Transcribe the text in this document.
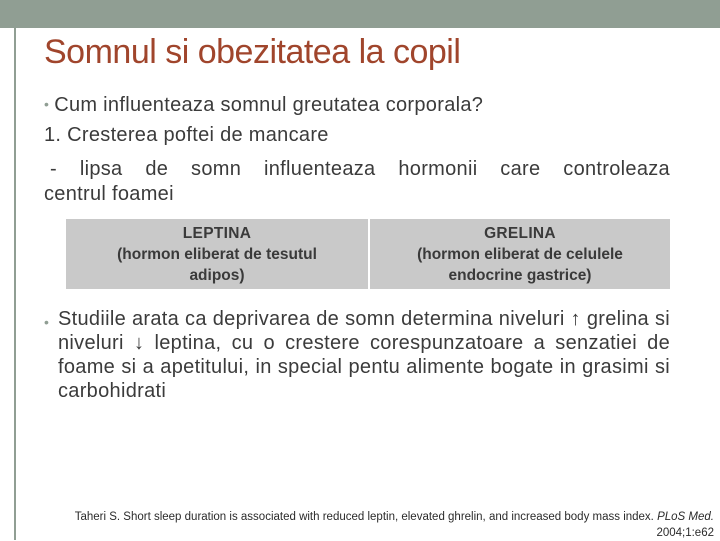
Somnul si obezitatea la copil
• Cum influenteaza somnul greutatea corporala?
1. Cresterea poftei de mancare
- lipsa de somn influenteaza hormonii care controleaza
centrul foamei
LEPTINA
(hormon eliberat de tesutul
adipos)
GRELINA
(hormon eliberat de celulele
endocrine gastrice)
• Studiile arata ca deprivarea de somn determina niveluri ↑ grelina si niveluri ↓ leptina, cu o crestere corespunzatoare a senzatiei de foame si a apetitului, in special pentu alimente bogate in grasimi si carbohidrati
Taheri S. Short sleep duration is associated with reduced leptin, elevated ghrelin, and increased body mass index. PLoS Med.
2004;1:e62
